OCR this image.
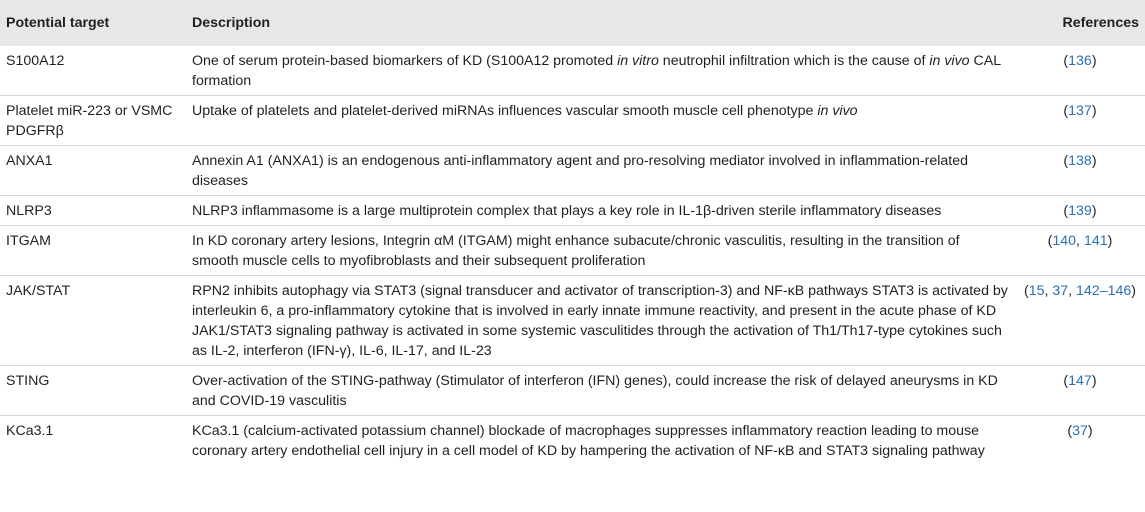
Potential target	Description	References
S100A12	One of serum protein-based biomarkers of KD (S100A12 promoted in vitro neutrophil infiltration which is the cause of in vivo CAL formation	(136)
Platelet miR-223 or VSMC PDGFRβ	Uptake of platelets and platelet-derived miRNAs influences vascular smooth muscle cell phenotype in vivo	(137)
ANXA1	Annexin A1 (ANXA1) is an endogenous anti-inflammatory agent and pro-resolving mediator involved in inflammation-related diseases	(138)
NLRP3	NLRP3 inflammasome is a large multiprotein complex that plays a key role in IL-1β-driven sterile inflammatory diseases	(139)
ITGAM	In KD coronary artery lesions, Integrin αM (ITGAM) might enhance subacute/chronic vasculitis, resulting in the transition of smooth muscle cells to myofibroblasts and their subsequent proliferation	(140, 141)
JAK/STAT	RPN2 inhibits autophagy via STAT3 (signal transducer and activator of transcription-3) and NF-κB pathways STAT3 is activated by interleukin 6, a pro-inflammatory cytokine that is involved in early innate immune reactivity, and present in the acute phase of KD JAK1/STAT3 signaling pathway is activated in some systemic vasculitides through the activation of Th1/Th17-type cytokines such as IL-2, interferon (IFN-γ), IL-6, IL-17, and IL-23	(15, 37, 142–146)
STING	Over-activation of the STING-pathway (Stimulator of interferon (IFN) genes), could increase the risk of delayed aneurysms in KD and COVID-19 vasculitis	(147)
KCa3.1	KCa3.1 (calcium-activated potassium channel) blockade of macrophages suppresses inflammatory reaction leading to mouse coronary artery endothelial cell injury in a cell model of KD by hampering the activation of NF-κB and STAT3 signaling pathway	(37)
